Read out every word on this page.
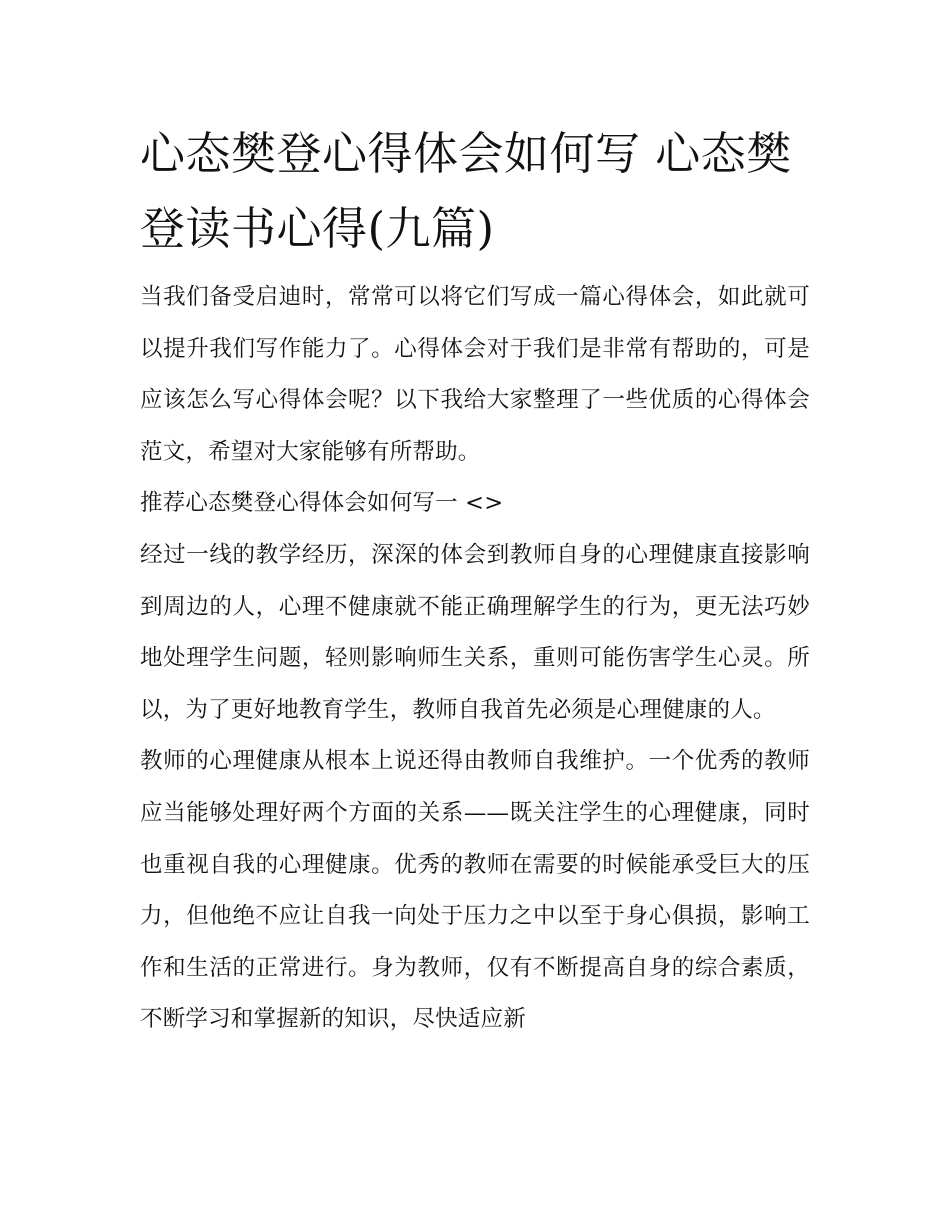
心态樊登心得体会如何写 心态樊登读书心得(九篇)

当我们备受启迪时，常常可以将它们写成一篇心得体会，如此就可以提升我们写作能力了。心得体会对于我们是非常有帮助的，可是应该怎么写心得体会呢？以下我给大家整理了一些优质的心得体会范文，希望对大家能够有所帮助。

推荐心态樊登心得体会如何写一 <>

经过一线的教学经历，深深的体会到教师自身的心理健康直接影响到周边的人，心理不健康就不能正确理解学生的行为，更无法巧妙地处理学生问题，轻则影响师生关系，重则可能伤害学生心灵。所以，为了更好地教育学生，教师自我首先必须是心理健康的人。

教师的心理健康从根本上说还得由教师自我维护。一个优秀的教师应当能够处理好两个方面的关系——既关注学生的心理健康，同时也重视自我的心理健康。优秀的教师在需要的时候能承受巨大的压力，但他绝不应让自我一向处于压力之中以至于身心俱损，影响工作和生活的正常进行。身为教师，仅有不断提高自身的综合素质，不断学习和掌握新的知识，尽快适应新
